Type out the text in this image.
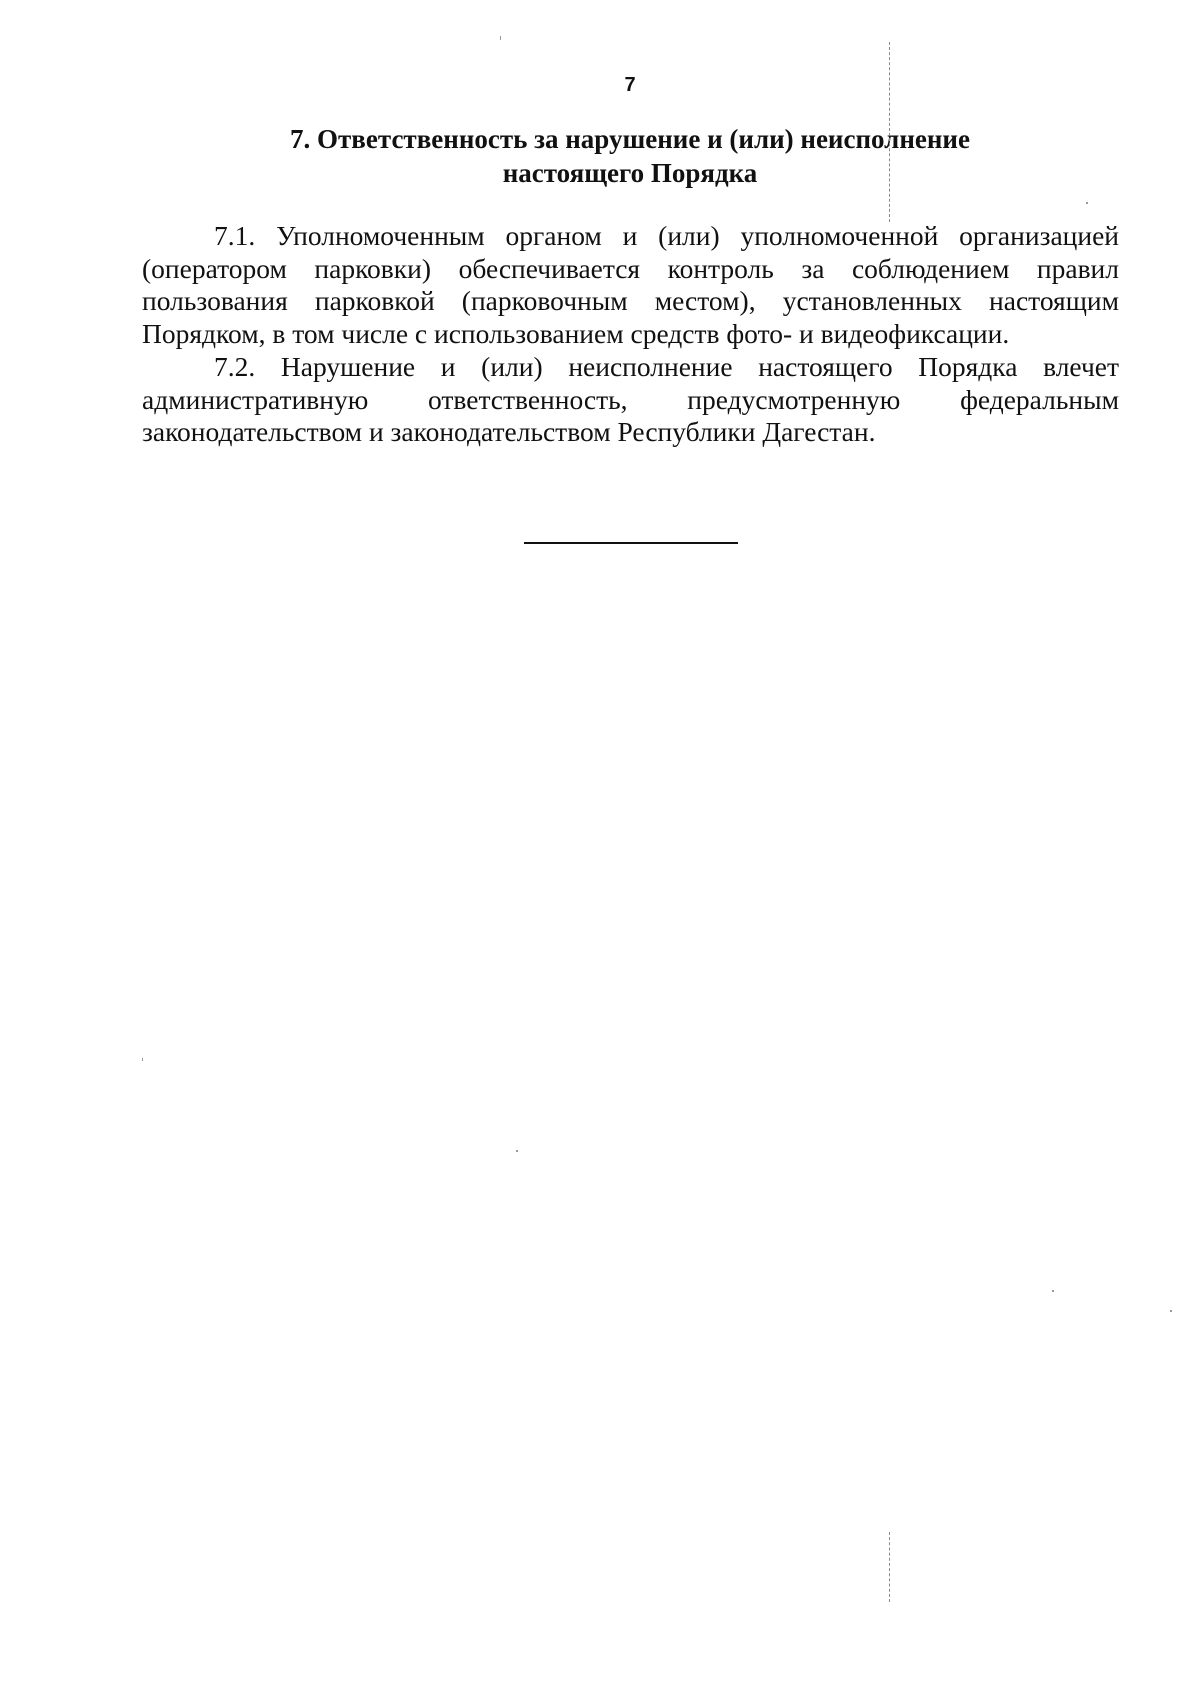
7
7. Ответственность за нарушение и (или) неисполнение
настоящего Порядка

7.1. Уполномоченным органом и (или) уполномоченной организацией (оператором парковки) обеспечивается контроль за соблюдением правил пользования парковкой (парковочным местом), установленных настоящим Порядком, в том числе с использованием средств фото- и видеофиксации.

7.2. Нарушение и (или) неисполнение настоящего Порядка влечет административную ответственность, предусмотренную федеральным законодательством и законодательством Республики Дагестан.
